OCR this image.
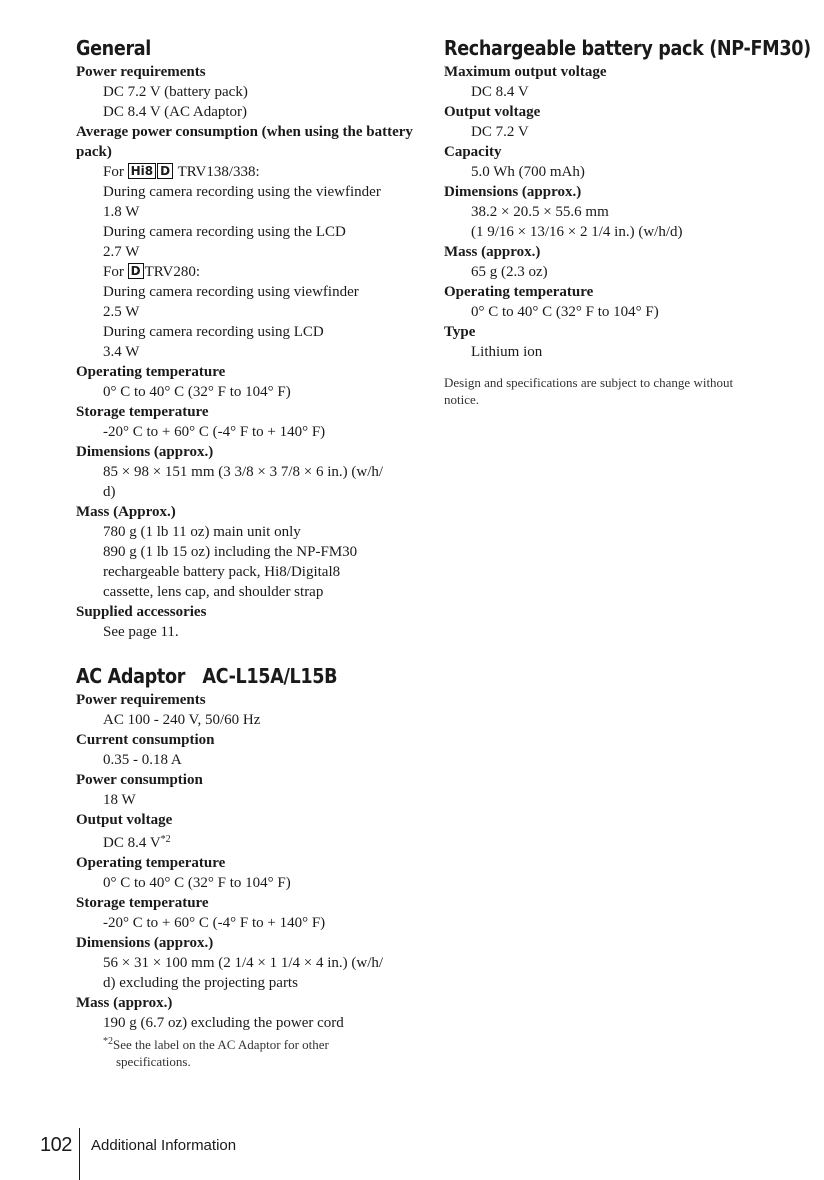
General
Power requirements
DC 7.2 V (battery pack)
DC 8.4 V (AC Adaptor)
Average power consumption (when using the battery pack)
For Hi8 D TRV138/338:
During camera recording using the viewfinder
1.8 W
During camera recording using the LCD
2.7 W
For D TRV280:
During camera recording using viewfinder
2.5 W
During camera recording using LCD
3.4 W
Operating temperature
0° C to 40° C (32° F to 104° F)
Storage temperature
-20° C to + 60° C (-4° F to + 140° F)
Dimensions (approx.)
85 × 98 × 151 mm (3 3/8 × 3 7/8 × 6 in.) (w/h/
d)
Mass (Approx.)
780 g (1 lb 11 oz) main unit only
890 g (1 lb 15 oz) including the NP-FM30
rechargeable battery pack, Hi8/Digital8
cassette, lens cap, and shoulder strap
Supplied accessories
See page 11.
AC Adaptor   AC-L15A/L15B
Power requirements
AC 100 - 240 V, 50/60 Hz
Current consumption
0.35 - 0.18 A
Power consumption
18 W
Output voltage
DC 8.4 $V^{*2}$
Operating temperature
0° C to 40° C (32° F to 104° F)
Storage temperature
-20° C to + 60° C (-4° F to + 140° F)
Dimensions (approx.)
56 × 31 × 100 mm (2 1/4 × 1 1/4 × 4 in.) (w/h/
d) excluding the projecting parts
Mass (approx.)
190 g (6.7 oz) excluding the power cord
$^{*2}$See the label on the AC Adaptor for other
specifications.
Rechargeable battery pack (NP-FM30)
Maximum output voltage
DC 8.4 V
Output voltage
DC 7.2 V
Capacity
5.0 Wh (700 mAh)
Dimensions (approx.)
38.2 × 20.5 × 55.6 mm
(1 9/16 × 13/16 × 2 1/4 in.) (w/h/d)
Mass (approx.)
65 g (2.3 oz)
Operating temperature
0° C to 40° C (32° F to 104° F)
Type
Lithium ion
Design and specifications are subject to change without notice.
102 Additional Information
